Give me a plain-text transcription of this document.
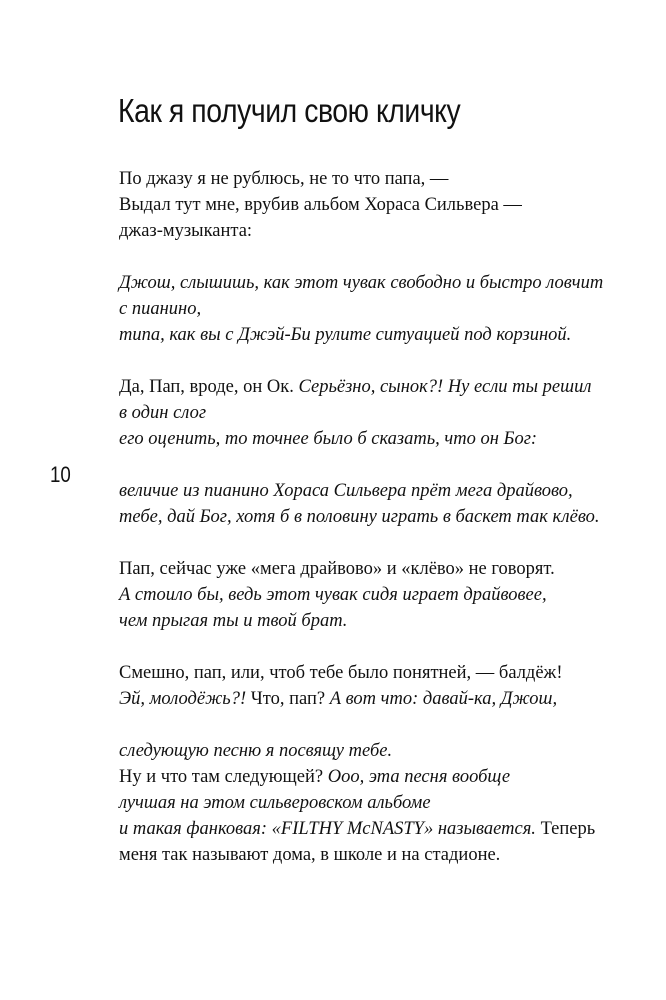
Как я получил свою кличку
10
По джазу я не рублюсь, не то что папа, —
Выдал тут мне, врубив альбом Хораса Сильвера —
джаз-музыканта:
Джош, слышишь, как этот чувак свободно и быстро ловчит
с пианино,
типа, как вы с Джэй-Би рулите ситуацией под корзиной.
Да, Пап, вроде, он Ок. Серьёзно, сынок?! Ну если ты решил
в один слог
его оценить, то точнее было б сказать, что он Бог:
величие из пианино Хораса Сильвера прёт мега драйвово,
тебе, дай Бог, хотя б в половину играть в баскет так клёво.
Пап, сейчас уже «мега драйвово» и «клёво» не говорят.
А стоило бы, ведь этот чувак сидя играет драйвовее,
чем прыгая ты и твой брат.
Смешно, пап, или, чтоб тебе было понятней, — балдёж!
Эй, молодёжь?! Что, пап? А вот что: давай-ка, Джош,
следующую песню я посвящу тебе.
Ну и что там следующей? Ооо, эта песня вообще
лучшая на этом сильверовском альбоме
и такая фанковая: «FILTHY McNASTY» называется. Теперь
меня так называют дома, в школе и на стадионе.
